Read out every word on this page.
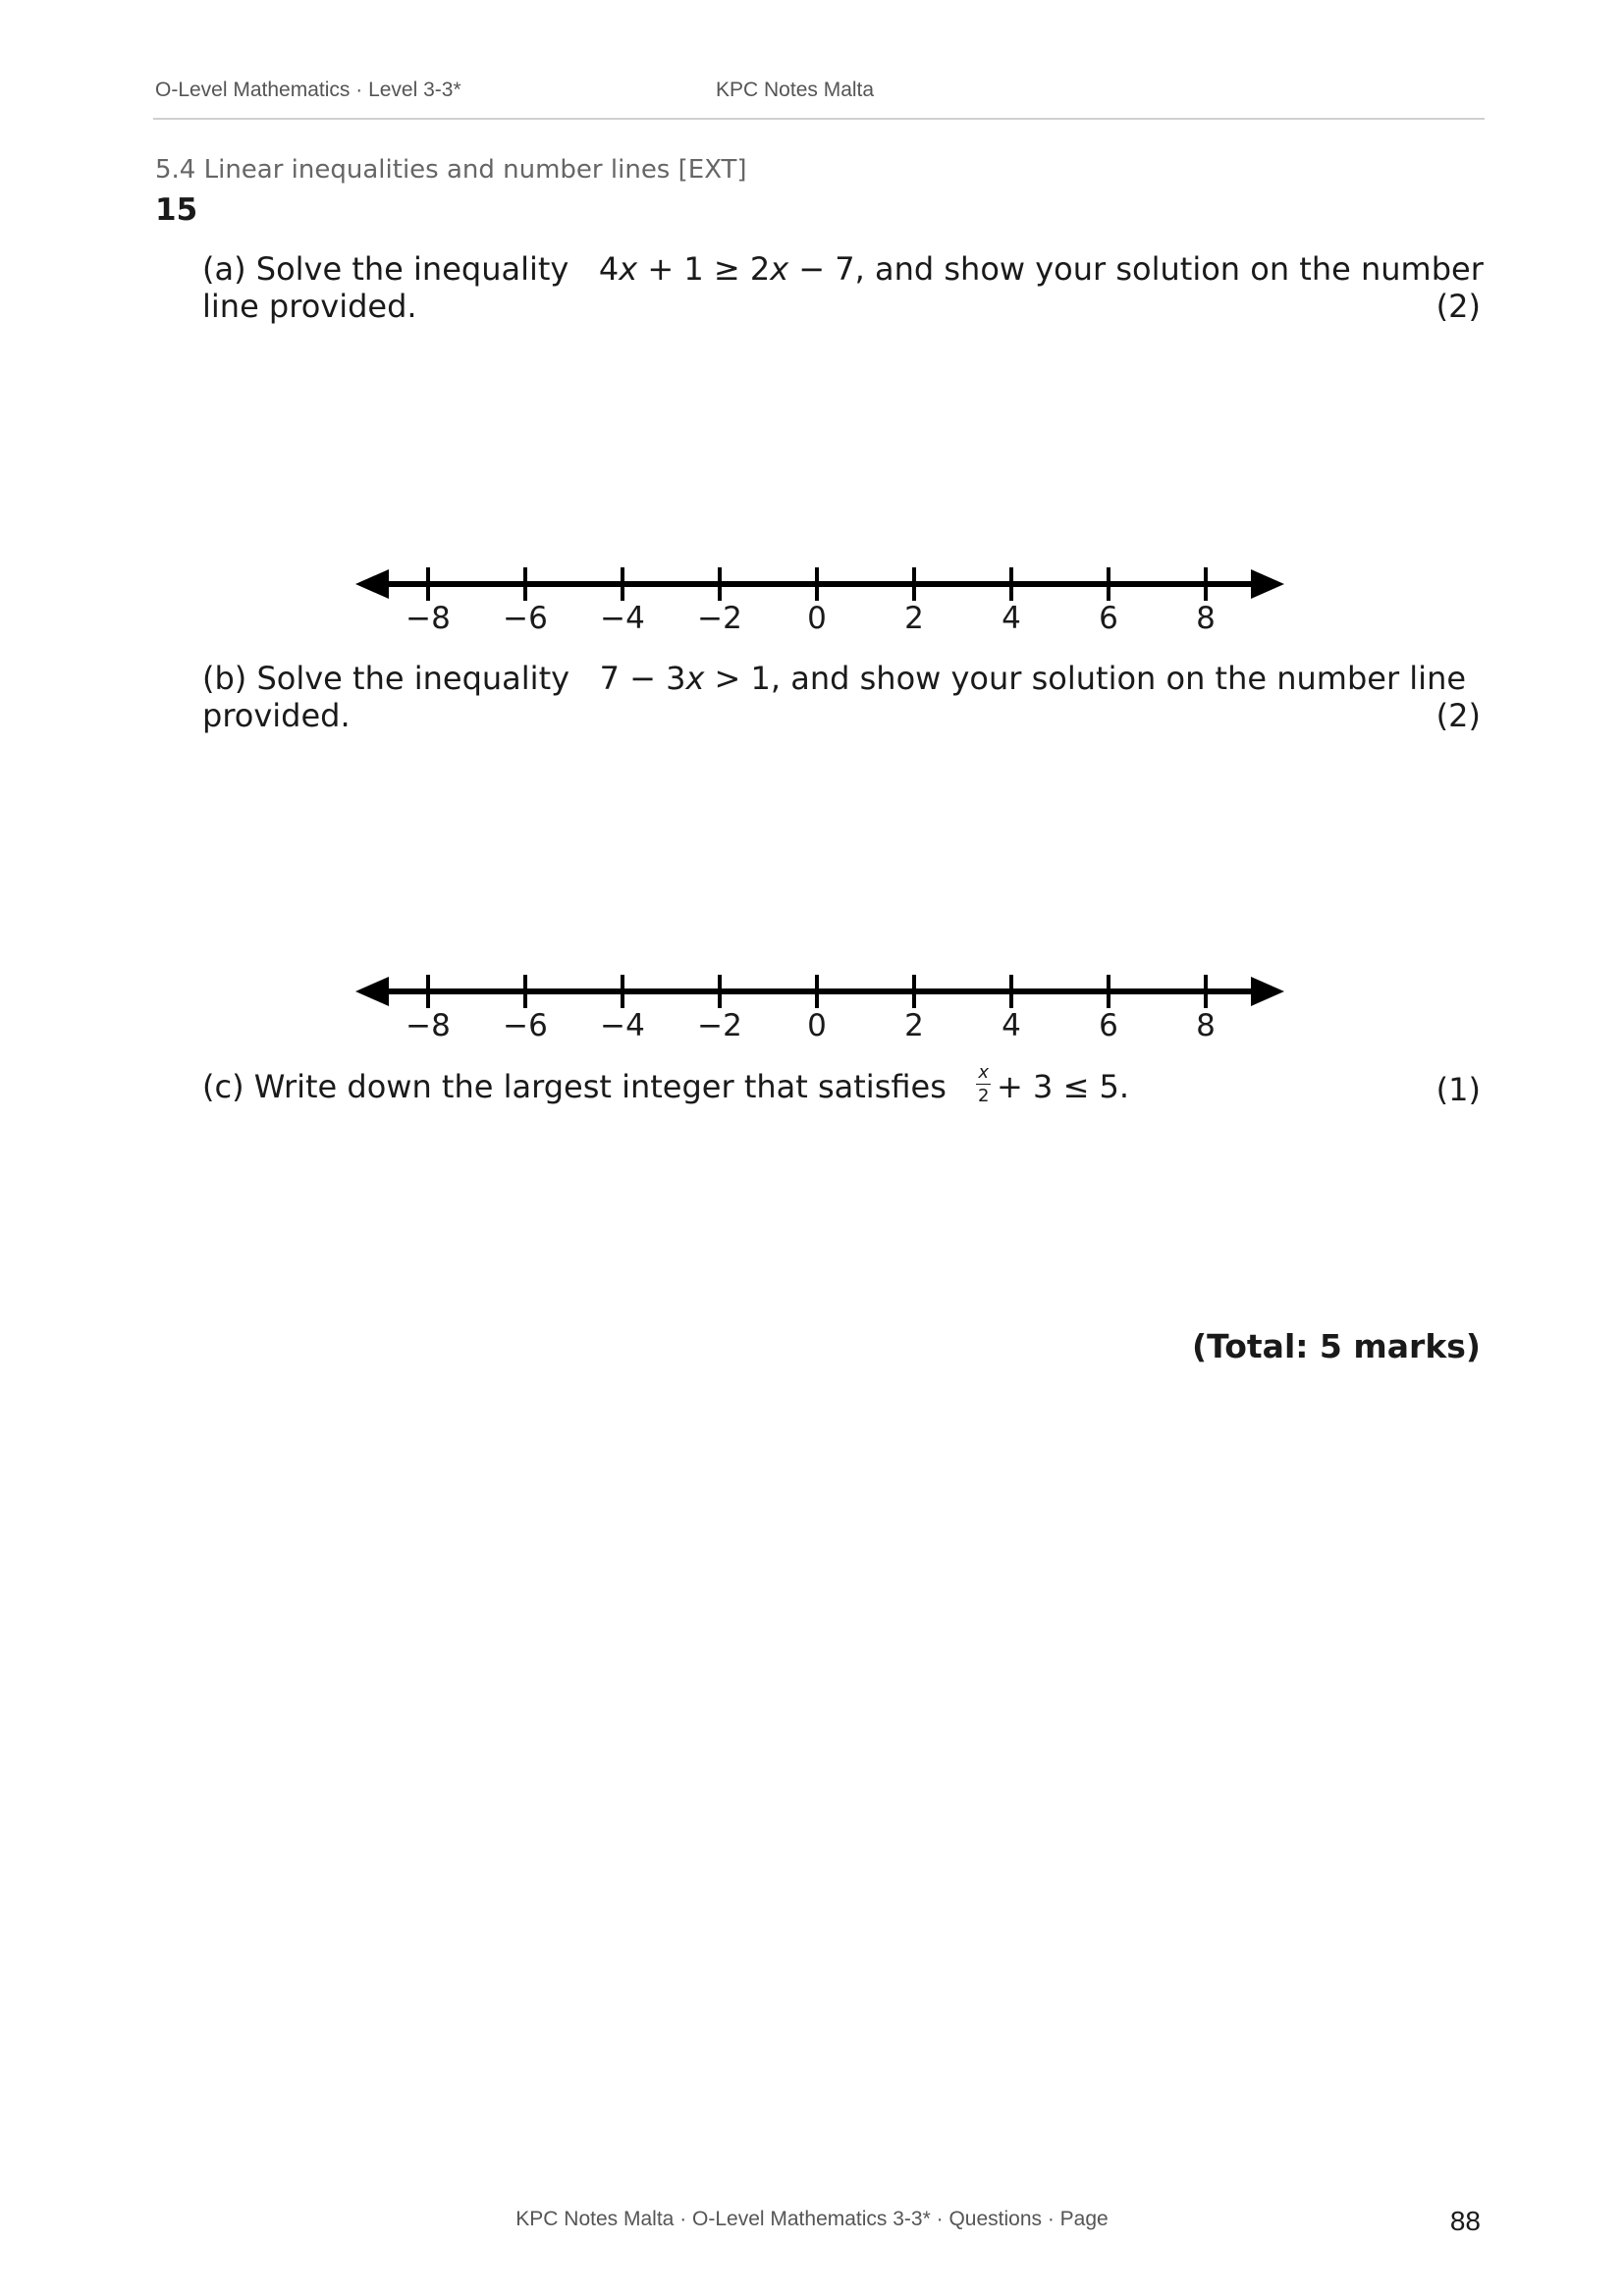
O-Level Mathematics · Level 3-3*	KPC Notes Malta
5.4 Linear inequalities and number lines [EXT]
15
(a) Solve the inequality 4x + 1 ≥ 2x − 7, and show your solution on the number
line provided.	(2)
−8 −6 −4 −2 0	2	4	6	8
(b) Solve the inequality 7 − 3x > 1, and show your solution on the number line
provided.	(2)
−8 −6 −4 −2 0	2	4	6	8
(c) Write down the largest integer that satisfies $\frac{x}{2} + 3 \le 5$.	(1)
(Total: 5 marks)
KPC Notes Malta · O-Level Mathematics 3-3* · Questions · Page	88
